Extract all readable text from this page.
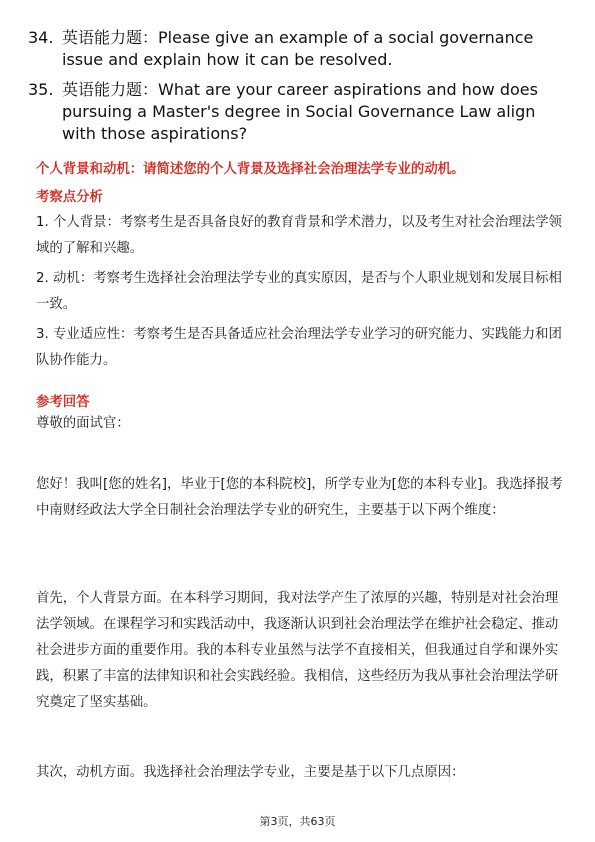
34. 英语能力题：Please give an example of a social governance issue and explain how it can be resolved.
35. 英语能力题：What are your career aspirations and how does pursuing a Master's degree in Social Governance Law align with those aspirations?
个人背景和动机：请简述您的个人背景及选择社会治理法学专业的动机。
考察点分析
1. 个人背景：考察考生是否具备良好的教育背景和学术潜力，以及考生对社会治理法学领域的了解和兴趣。
2. 动机：考察考生选择社会治理法学专业的真实原因，是否与个人职业规划和发展目标相一致。
3. 专业适应性：考察考生是否具备适应社会治理法学专业学习的研究能力、实践能力和团队协作能力。
参考回答
尊敬的面试官：
您好！我叫[您的姓名]，毕业于[您的本科院校]，所学专业为[您的本科专业]。我选择报考中南财经政法大学全日制社会治理法学专业的研究生，主要基于以下两个维度：
首先，个人背景方面。在本科学习期间，我对法学产生了浓厚的兴趣，特别是对社会治理法学领域。在课程学习和实践活动中，我逐渐认识到社会治理法学在维护社会稳定、推动社会进步方面的重要作用。我的本科专业虽然与法学不直接相关，但我通过自学和课外实践，积累了丰富的法律知识和社会实践经验。我相信，这些经历为我从事社会治理法学研究奠定了坚实基础。
其次，动机方面。我选择社会治理法学专业，主要是基于以下几点原因：
第3页，共63页
